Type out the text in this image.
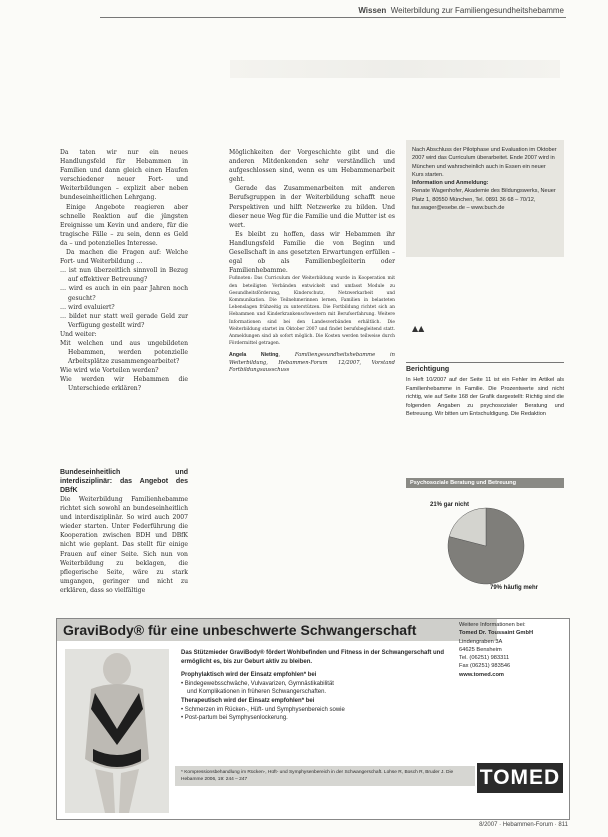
Wissen Weiterbildung zur Familiengesundheitshebamme

Da taten wir nur ein neues Handlungsfeld für Hebammen in Familien und dann gleich einen Haufen verschiedener neuer Fort- und Weiterbildungen – explizit aber neben bundeseinheitlichen Lehrgang.

Einige Angebote reagieren aber schnelle Reaktion auf die jüngsten Ereignisse um Kevin und andere, für die tragische Fälle – zu sein, denn es Geld da – und potenzielles Interesse.

Da machen die Fragen auf: Welche Fort- und Weiterbildung …

… ist nun überzeitlich sinnvoll in Bezug auf effektiver Betreuung?
… wird es auch in ein paar Jahren noch gesucht?
… wird evaluiert?
… bildet nur statt weil gerade Geld zur Verfügung gestellt wird?

Und weiter:

Mit welchen und aus ungebildeten Hebammen, werden potenzielle Arbeitsplätze zusammengearbeitet?
Wie wird wie Vorteilen werden?
Wie werden wir Hebammen die Unterschiede erklären?
Bundeseinheitlich und interdisziplinär: das Angebot des DBfK
Die Weiterbildung Familienhebamme richtet sich sowohl an bundeseinheitlich und interdisziplinär. So wird auch 2007 wieder starten. Unter Federführung die Kooperation zwischen BDH und DBfK nicht wie geplant. Das stellt für einige Frauen auf einer Seite. Sich nun von Weiterbildung zu beklagen, die pflegerische Seite, wäre zu stark umgangen, geringer und nicht zu erklären, dass so vielfältige

Möglichkeiten der Vorgeschichte gibt und die anderen Mitdenkenden sehr verständlich und aufgeschlossen sind, wenn es um Hebammenarbeit geht.

Gerade das Zusammenarbeiten mit anderen Berufsgruppen in der Weiterbildung schafft neue Perspektiven und hilft Netzwerke zu bilden. Und dieser neue Weg für die Familie und die Mutter ist es wert.

Es bleibt zu hoffen, dass wir Hebammen ihr Handlungsfeld Familie die von Beginn und Gesellschaft in ans gesetzten Erwartungen erfüllen – egal ob als Familienbegleiterin oder Familienhebamme.

Fußnoten: Das Curriculum der Weiterbildung wurde in Kooperation mit den beteiligten Verbänden entwickelt und umfasst Module zu Gesundheitsförderung, Kinderschutz, Netzwerkarbeit und Kommunikation. Die Teilnehmerinnen lernen, Familien in belasteten Lebenslagen frühzeitig zu unterstützen. Die Fortbildung richtet sich an Hebammen und Kinderkrankenschwestern mit Berufserfahrung. Weitere Informationen sind bei den Landesverbänden erhältlich. Die Weiterbildung startet im Oktober 2007 und findet berufsbegleitend statt. Anmeldungen sind ab sofort möglich. Die Kosten werden teilweise durch Fördermittel getragen.
Angela Nieting, Familiengesundheitshebamme in Weiterbildung, Hebammen-Forum 12/2007, Vorstand Fortbildungsausschuss
Nach Abschluss der Pilotphase und Evaluation im Oktober 2007 wird das Curriculum überarbeitet. Ende 2007 wird in München und wahrscheinlich auch in Essen ein neuer Kurs starten.
Information und Anmeldung:
Renate Wagenhofer, Akademie des Bildungswerks, Neuer Platz 1, 80550 München, Tel. 0891 36 68 – 70/12, fax.wager@esebe.de – www.buch.de
▲▲
Berichtigung
In Heft 10/2007 auf der Seite 11 ist ein Fehler im Artikel als Familienhebamme in Familie. Die Prozentwerte sind nicht richtig, wie auf Seite 168 der Grafik dargestellt: Richtig sind die folgenden Angaben zu psychosozialer Beratung und Betreuung. Wir bitten um Entschuldigung. Die Redaktion
Psychosoziale Beratung und Betreuung
21% gar nicht
79% häufig mehr
GraviBody® für eine unbeschwerte Schwangerschaft	Weitere Informationen bei:
Tomed Dr. Toussaint GmbH
Lindengraben 3A
64625 Bensheim
Tel. (06251) 983311
Fax (06251) 983546
www.tomed.com
Das Stützmieder GraviBody® fördert Wohlbefinden und Fitness in der Schwangerschaft und ermöglicht es, bis zur Geburt aktiv zu bleiben.
Prophylaktisch wird der Einsatz empfohlen* bei
• Bindegewebsschwäche, Vulvavarizen, Gymnästikabilität
und Komplikationen in früheren Schwangerschaften.
Therapeutisch wird der Einsatz empfohlen* bei
• Schmerzen im Rücken-, Hüft- und Symphysenbereich sowie
• Post-partum bei Symphysenlockerung.
* Kompressionsbehandlung im Rücken-, Hüft- und Symphysenbereich in der Schwangerschaft. Lohse R, Bosch R, Bruder J. Die Hebamme 2006, 19: 244 – 247	TOMED
8/2007 · Hebammen-Forum · 811
